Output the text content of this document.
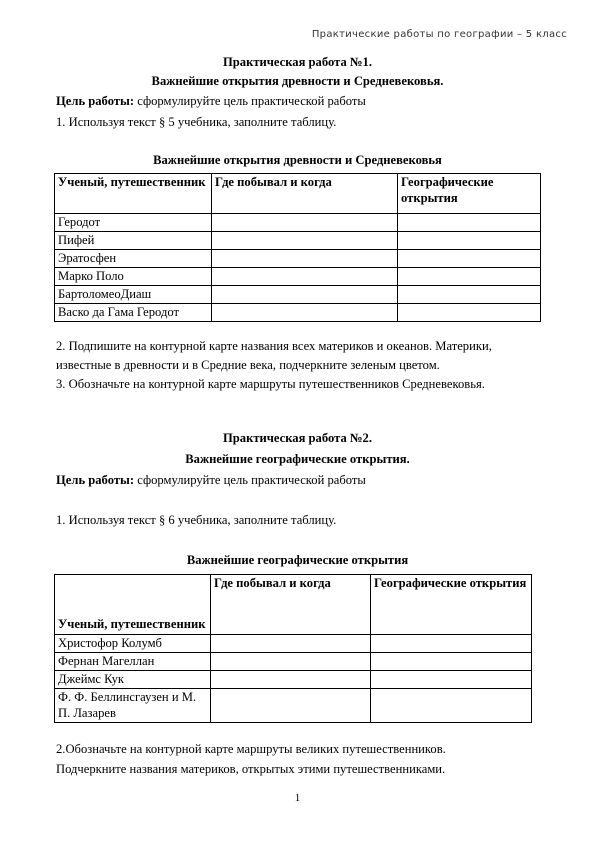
Практические работы по географии – 5 класс
Практическая работа №1.
Важнейшие открытия древности и Средневековья.
Цель работы: сформулируйте цель практической работы
1. Используя текст § 5 учебника, заполните таблицу.
Важнейшие открытия древности и Средневековья
Ученый, путешественник	Где побывал и когда	Географические открытия
Геродот		
Пифей		
Эратосфен		
Марко Поло		
БартоломеоДиаш		
Васко да Гама Геродот		
2. Подпишите на контурной карте названия всех материков и океанов. Материки,
известные в древности и в Средние века, подчеркните зеленым цветом.
3. Обозначьте на контурной карте маршруты путешественников Средневековья.
Практическая работа №2.
Важнейшие географические открытия.
Цель работы: сформулируйте цель практической работы
1. Используя текст § 6 учебника, заполните таблицу.
Важнейшие географические открытия
Ученый, путешественник	Где побывал и когда	Географические открытия
Христофор Колумб		
Фернан Магеллан		
Джеймс Кук		
Ф. Ф. Беллинсгаузен и М. П. Лазарев		
2.Обозначьте на контурной карте маршруты великих путешественников.
Подчеркните названия материков, открытых этими путешественниками.
1
